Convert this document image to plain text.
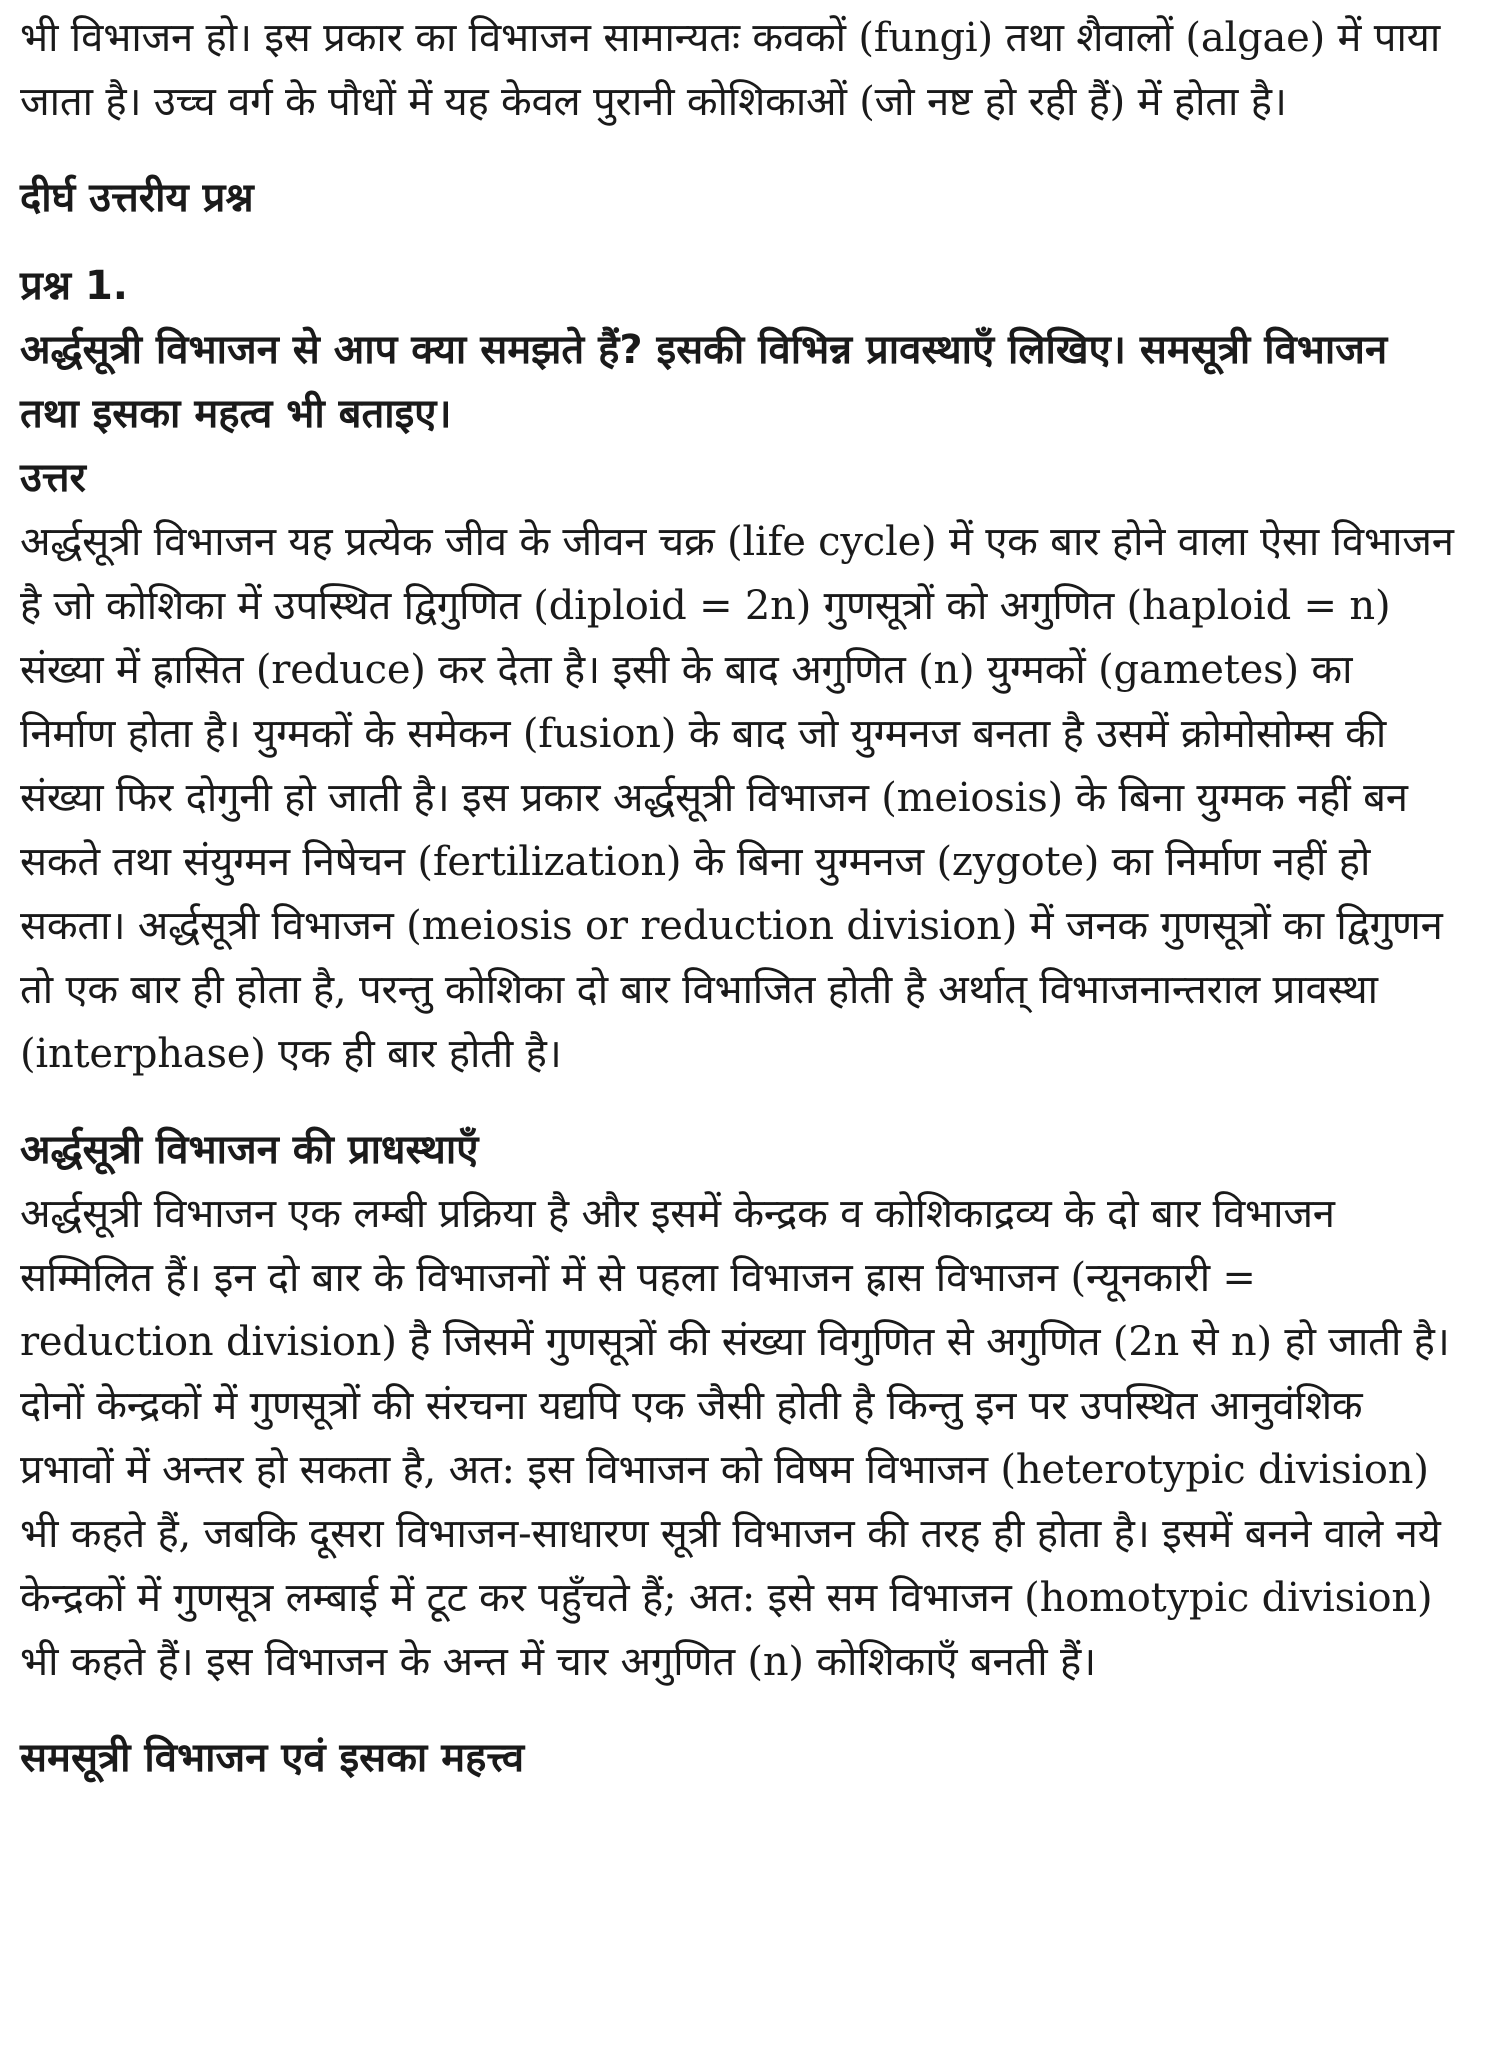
भी विभाजन हो। इस प्रकार का विभाजन सामान्यतः कवकों (fungi) तथा शैवालों (algae) में पाया जाता है। उच्च वर्ग के पौधों में यह केवल पुरानी कोशिकाओं (जो नष्ट हो रही हैं) में होता है।

दीर्घ उत्तरीय प्रश्न
प्रश्न 1.
अर्द्धसूत्री विभाजन से आप क्या समझते हैं? इसकी विभिन्न प्रावस्थाएँ लिखिए। समसूत्री विभाजन तथा इसका महत्व भी बताइए।
उत्तर

अर्द्धसूत्री विभाजन यह प्रत्येक जीव के जीवन चक्र (life cycle) में एक बार होने वाला ऐसा विभाजन है जो कोशिका में उपस्थित द्विगुणित (diploid = 2n) गुणसूत्रों को अगुणित (haploid = n) संख्या में ह्रासित (reduce) कर देता है। इसी के बाद अगुणित (n) युग्मकों (gametes) का निर्माण होता है। युग्मकों के समेकन (fusion) के बाद जो युग्मनज बनता है उसमें क्रोमोसोम्स की संख्या फिर दोगुनी हो जाती है। इस प्रकार अर्द्धसूत्री विभाजन (meiosis) के बिना युग्मक नहीं बन सकते तथा संयुग्मन निषेचन (fertilization) के बिना युग्मनज (zygote) का निर्माण नहीं हो सकता। अर्द्धसूत्री विभाजन (meiosis or reduction division) में जनक गुणसूत्रों का द्विगुणन तो एक बार ही होता है, परन्तु कोशिका दो बार विभाजित होती है अर्थात् विभाजनान्तराल प्रावस्था (interphase) एक ही बार होती है।

अर्द्धसूत्री विभाजन की प्राधस्थाएँ

अर्द्धसूत्री विभाजन एक लम्बी प्रक्रिया है और इसमें केन्द्रक व कोशिकाद्रव्य के दो बार विभाजन सम्मिलित हैं। इन दो बार के विभाजनों में से पहला विभाजन ह्रास विभाजन (न्यूनकारी = reduction division) है जिसमें गुणसूत्रों की संख्या विगुणित से अगुणित (2n से n) हो जाती है। दोनों केन्द्रकों में गुणसूत्रों की संरचना यद्यपि एक जैसी होती है किन्तु इन पर उपस्थित आनुवंशिक प्रभावों में अन्तर हो सकता है, अत: इस विभाजन को विषम विभाजन (heterotypic division) भी कहते हैं, जबकि दूसरा विभाजन-साधारण सूत्री विभाजन की तरह ही होता है। इसमें बनने वाले नये केन्द्रकों में गुणसूत्र लम्बाई में टूट कर पहुँचते हैं; अत: इसे सम विभाजन (homotypic division) भी कहते हैं। इस विभाजन के अन्त में चार अगुणित (n) कोशिकाएँ बनती हैं।

समसूत्री विभाजन एवं इसका महत्त्व
